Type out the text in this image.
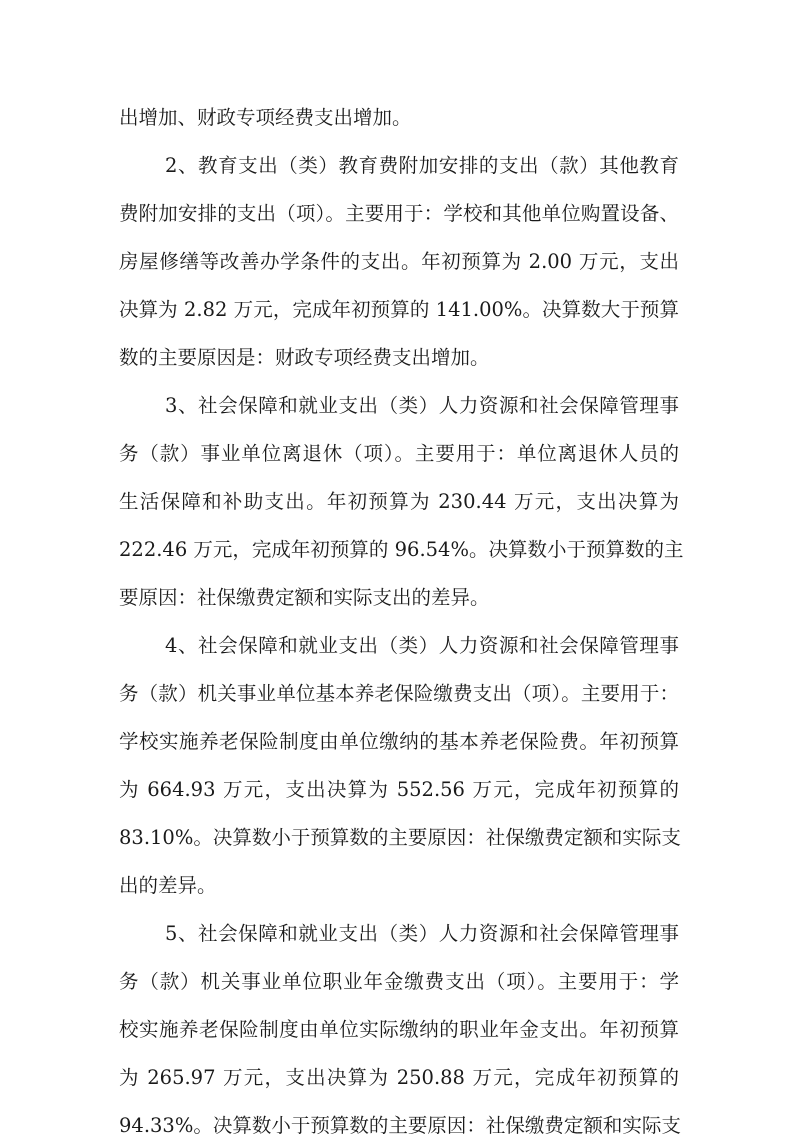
出增加、财政专项经费支出增加。
2、教育支出（类）教育费附加安排的支出（款）其他教育
费附加安排的支出（项）。主要用于：学校和其他单位购置设备、
房屋修缮等改善办学条件的支出。年初预算为 2.00 万元，支出
决算为 2.82 万元，完成年初预算的 141.00%。决算数大于预算
数的主要原因是：财政专项经费支出增加。
3、社会保障和就业支出（类）人力资源和社会保障管理事
务（款）事业单位离退休（项）。主要用于：单位离退休人员的
生活保障和补助支出。年初预算为 230.44 万元，支出决算为
222.46 万元，完成年初预算的 96.54%。决算数小于预算数的主
要原因：社保缴费定额和实际支出的差异。
4、社会保障和就业支出（类）人力资源和社会保障管理事
务（款）机关事业单位基本养老保险缴费支出（项）。主要用于：
学校实施养老保险制度由单位缴纳的基本养老保险费。年初预算
为 664.93 万元，支出决算为 552.56 万元，完成年初预算的
83.10%。决算数小于预算数的主要原因：社保缴费定额和实际支
出的差异。
5、社会保障和就业支出（类）人力资源和社会保障管理事
务（款）机关事业单位职业年金缴费支出（项）。主要用于：学
校实施养老保险制度由单位实际缴纳的职业年金支出。年初预算
为 265.97 万元，支出决算为 250.88 万元，完成年初预算的
94.33%。决算数小于预算数的主要原因：社保缴费定额和实际支
